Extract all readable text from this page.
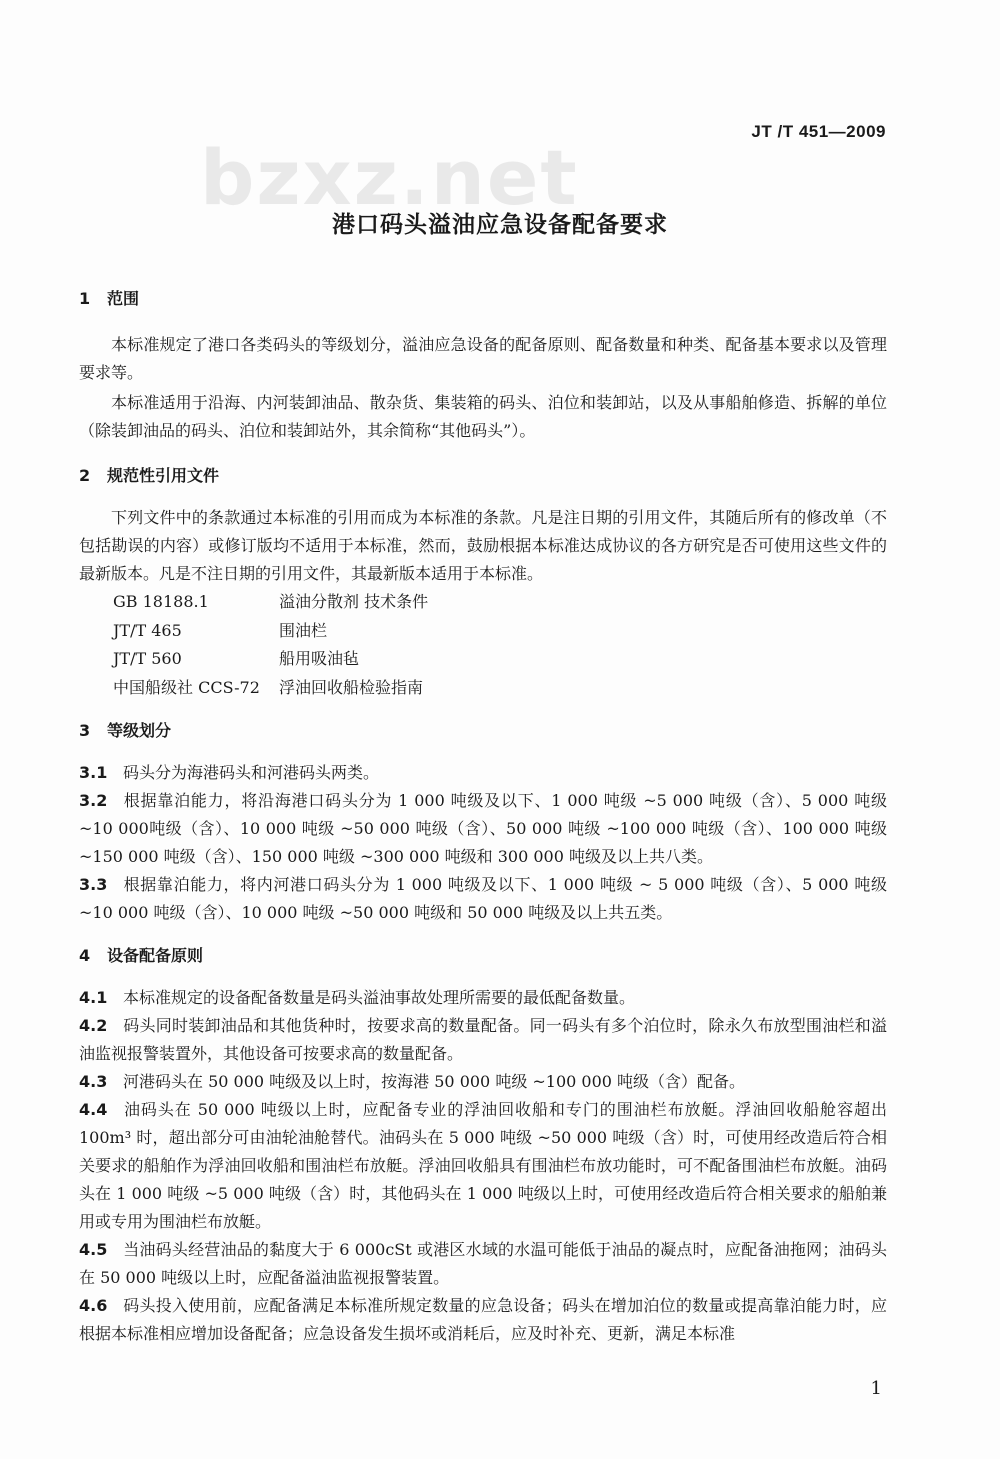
bzxz.net
JT /T 451—2009
港口码头溢油应急设备配备要求
1 范围

本标准规定了港口各类码头的等级划分，溢油应急设备的配备原则、配备数量和种类、配备基本要求以及管理要求等。

本标准适用于沿海、内河装卸油品、散杂货、集装箱的码头、泊位和装卸站，以及从事船舶修造、拆解的单位（除装卸油品的码头、泊位和装卸站外，其余简称“其他码头”）。

2 规范性引用文件

下列文件中的条款通过本标准的引用而成为本标准的条款。凡是注日期的引用文件，其随后所有的修改单（不包括勘误的内容）或修订版均不适用于本标准，然而，鼓励根据本标准达成协议的各方研究是否可使用这些文件的最新版本。凡是不注日期的引用文件，其最新版本适用于本标准。

GB 18188.1	溢油分散剂 技术条件
JT/T 465	围油栏
JT/T 560	船用吸油毡
中国船级社 CCS-72	浮油回收船检验指南
3 等级划分

3.1 码头分为海港码头和河港码头两类。

3.2 根据靠泊能力，将沿海港口码头分为 1 000 吨级及以下、1 000 吨级 ~5 000 吨级（含）、5 000 吨级 ~10 000吨级（含）、10 000 吨级 ~50 000 吨级（含）、50 000 吨级 ~100 000 吨级（含）、100 000 吨级 ~150 000 吨级（含）、150 000 吨级 ~300 000 吨级和 300 000 吨级及以上共八类。

3.3 根据靠泊能力，将内河港口码头分为 1 000 吨级及以下、1 000 吨级 ~ 5 000 吨级（含）、5 000 吨级 ~10 000 吨级（含）、10 000 吨级 ~50 000 吨级和 50 000 吨级及以上共五类。

4 设备配备原则

4.1 本标准规定的设备配备数量是码头溢油事故处理所需要的最低配备数量。

4.2 码头同时装卸油品和其他货种时，按要求高的数量配备。同一码头有多个泊位时，除永久布放型围油栏和溢油监视报警装置外，其他设备可按要求高的数量配备。

4.3 河港码头在 50 000 吨级及以上时，按海港 50 000 吨级 ~100 000 吨级（含）配备。

4.4 油码头在 50 000 吨级以上时，应配备专业的浮油回收船和专门的围油栏布放艇。浮油回收船舱容超出 100m³ 时，超出部分可由油轮油舱替代。油码头在 5 000 吨级 ~50 000 吨级（含）时，可使用经改造后符合相关要求的船舶作为浮油回收船和围油栏布放艇。浮油回收船具有围油栏布放功能时，可不配备围油栏布放艇。油码头在 1 000 吨级 ~5 000 吨级（含）时，其他码头在 1 000 吨级以上时，可使用经改造后符合相关要求的船舶兼用或专用为围油栏布放艇。

4.5 当油码头经营油品的黏度大于 6 000cSt 或港区水域的水温可能低于油品的凝点时，应配备油拖网；油码头在 50 000 吨级以上时，应配备溢油监视报警装置。

4.6 码头投入使用前，应配备满足本标准所规定数量的应急设备；码头在增加泊位的数量或提高靠泊能力时，应根据本标准相应增加设备配备；应急设备发生损坏或消耗后，应及时补充、更新，满足本标准

1
